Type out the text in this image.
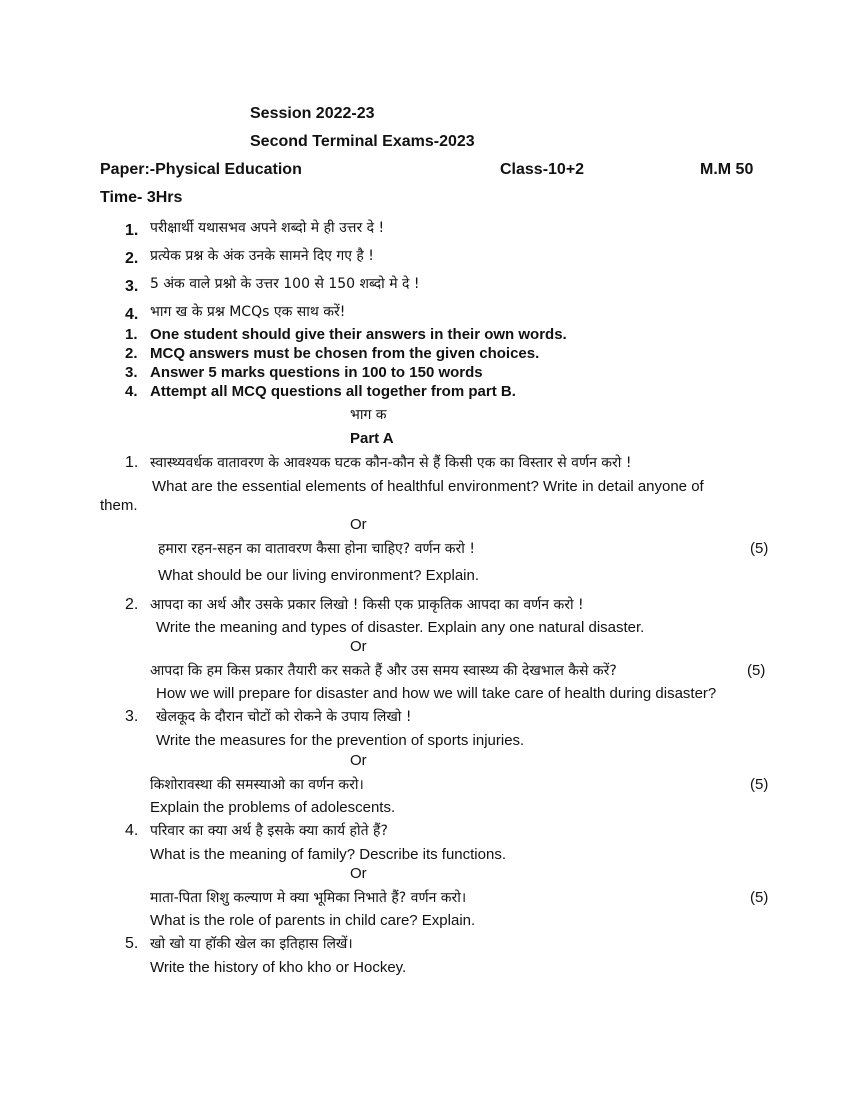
Session 2022-23
Second Terminal Exams-2023
Paper:-Physical Education	Class-10+2	M.M 50
Time- 3Hrs
1. परीक्षार्थी यथासभव अपने शब्दो मे ही उत्तर दे !
2. प्रत्येक प्रश्न के अंक उनके सामने दिए गए है !
3. 5 अंक वाले प्रश्नो के उत्तर 100 से 150 शब्दो मे दे !
4. भाग ख के प्रश्न MCQs एक साथ करें!
1. One student should give their answers in their own words.
2. MCQ answers must be chosen from the given choices.
3. Answer 5 marks questions in 100 to 150 words
4. Attempt all MCQ questions all together from part B.
भाग क
Part A
1. स्वास्थ्यवर्धक वातावरण के आवश्यक घटक कौन-कौन से हैं किसी एक का विस्तार से वर्णन करो !
What are the essential elements of healthful environment? Write in detail anyone of
them.
Or
हमारा रहन-सहन का वातावरण कैसा होना चाहिए? वर्णन करो !	(5)
What should be our living environment? Explain.
2. आपदा का अर्थ और उसके प्रकार लिखो ! किसी एक प्राकृतिक आपदा का वर्णन करो !
Write the meaning and types of disaster. Explain any one natural disaster.
Or
आपदा कि हम किस प्रकार तैयारी कर सकते हैं और उस समय स्वास्थ्य की देखभाल कैसे करें?	(5)
How we will prepare for disaster and how we will take care of health during disaster?
3. खेलकूद के दौरान चोटों को रोकने के उपाय लिखो !
Write the measures for the prevention of sports injuries.
Or
किशोरावस्था की समस्याओ का वर्णन करो।	(5)
Explain the problems of adolescents.
4. परिवार का क्या अर्थ है इसके क्या कार्य होते हैं?
What is the meaning of family? Describe its functions.
Or
माता-पिता शिशु कल्याण मे क्या भूमिका निभाते हैं? वर्णन करो।	(5)
What is the role of parents in child care? Explain.
5. खो खो या हॉकी खेल का इतिहास लिखें।
Write the history of kho kho or Hockey.
